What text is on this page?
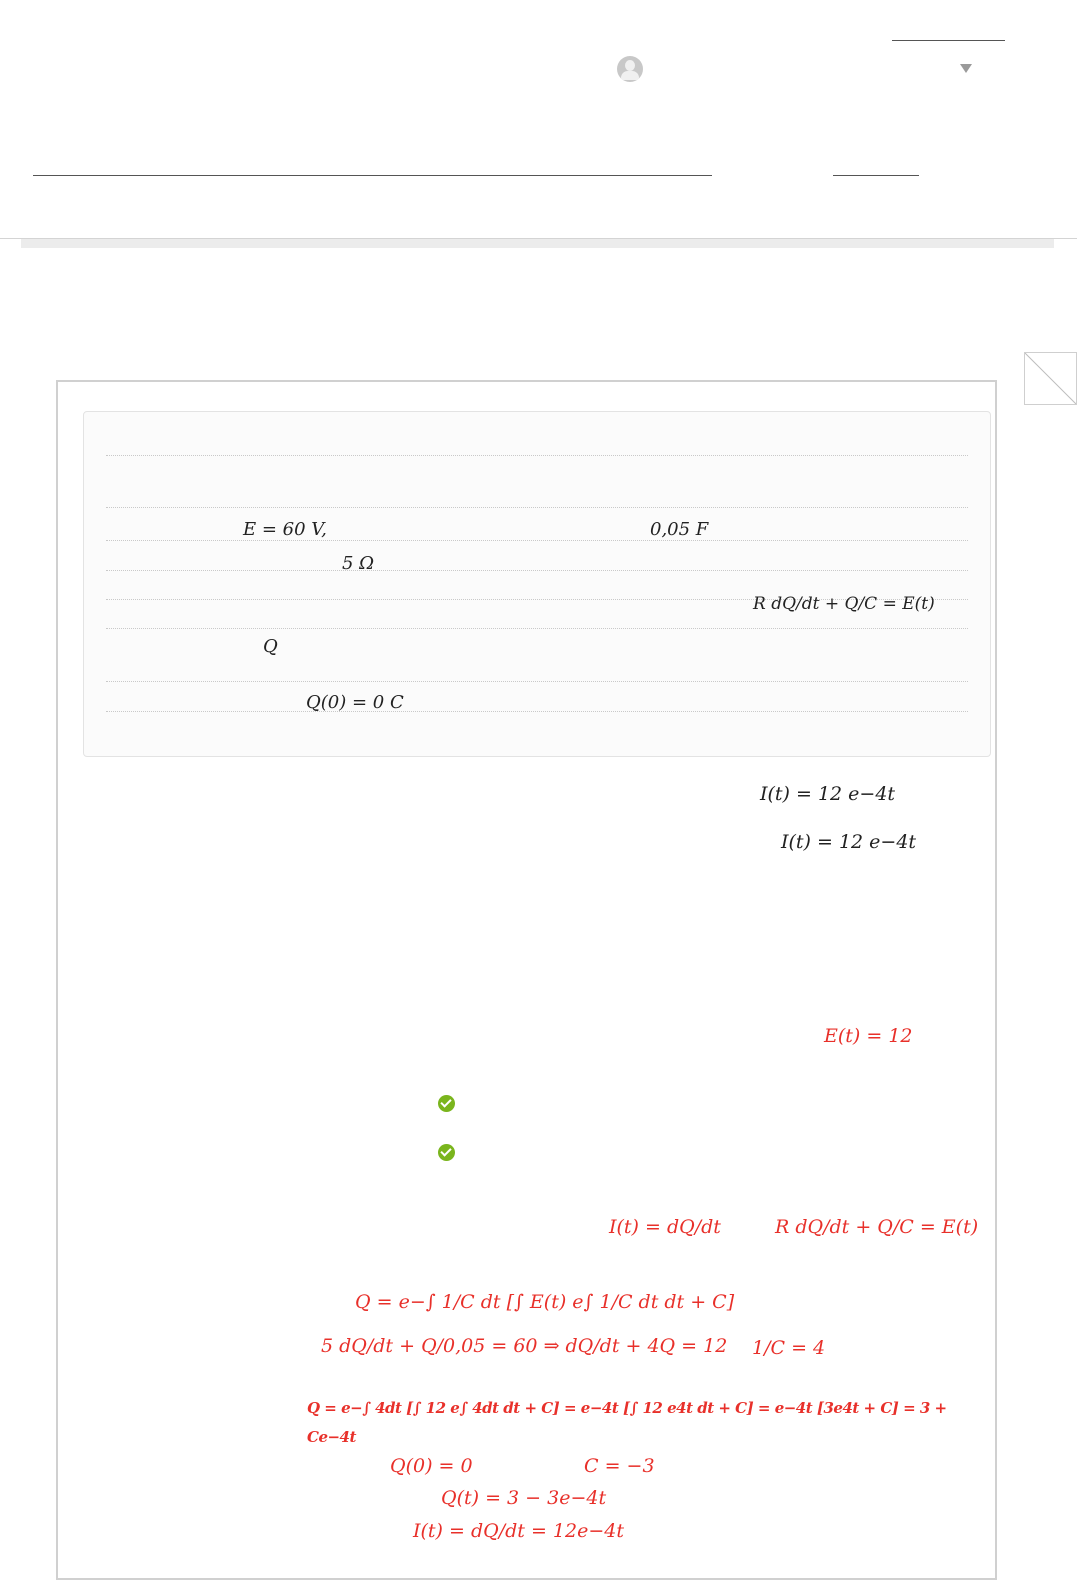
E = 60 V,	0,05 F
5 Ω
R dQ/dt + Q/C = E(t)
Q
Q(0) = 0 C
I(t) = 12 e−4t
I(t) = 12 e−4t
E(t) = 12
I(t) = dQ/dt	R dQ/dt + Q/C = E(t)
Q = e−∫ 1/C dt [∫ E(t) e∫ 1/C dt dt + C]
5 dQ/dt + Q/0,05 = 60 ⇒ dQ/dt + 4Q = 12 1/C = 4
Q = e−∫ 4dt [∫ 12 e∫ 4dt dt + C] = e−4t [∫ 12 e4t dt + C] = e−4t [3e4t + C] = 3 +
Ce−4t
Q(0) = 0	C = −3
Q(t) = 3 − 3e−4t
I(t) = dQ/dt = 12e−4t
